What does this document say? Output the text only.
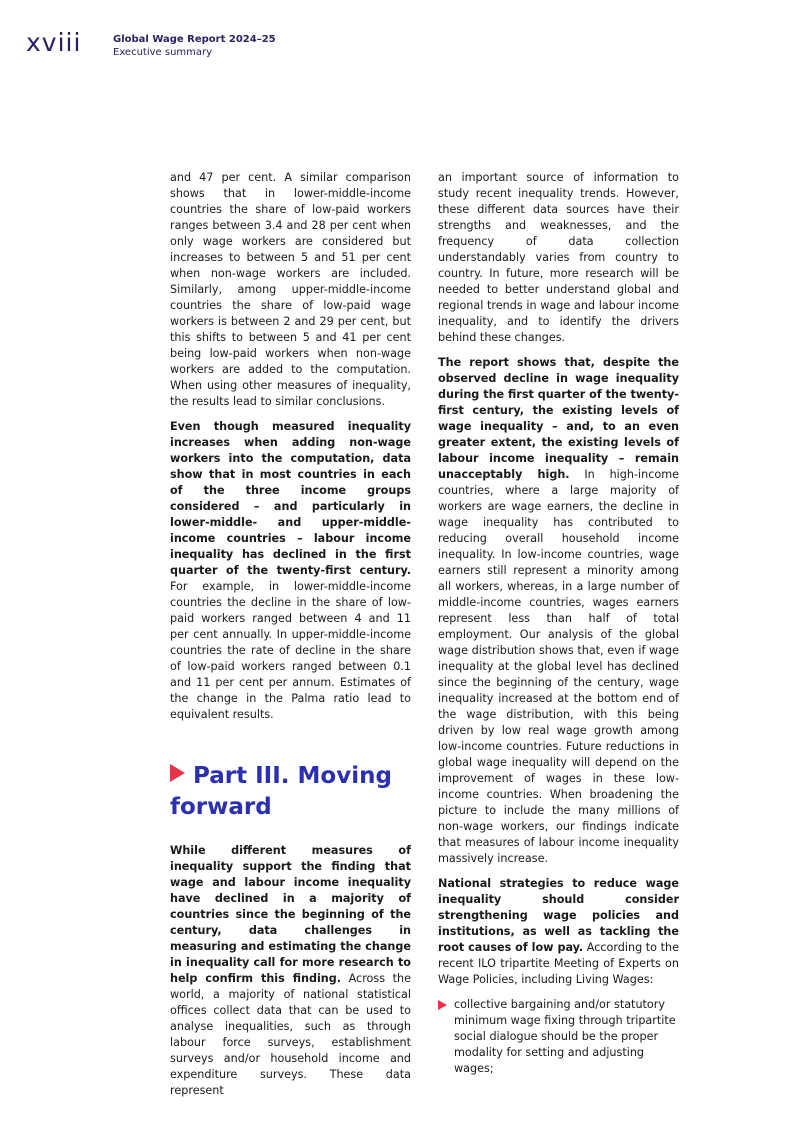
xviii	Global Wage Report 2024–25
Executive summary

and 47 per cent. A similar comparison shows that in lower-middle-income countries the share of low-paid workers ranges between 3.4 and 28 per cent when only wage workers are considered but increases to between 5 and 51 per cent when non-wage workers are included. Similarly, among upper-middle-income countries the share of low-paid wage workers is between 2 and 29 per cent, but this shifts to between 5 and 41 per cent being low-paid workers when non-wage workers are added to the computation. When using other measures of inequality, the results lead to similar conclusions.

Even though measured inequality increases when adding non-wage workers into the computation, data show that in most countries in each of the three income groups considered – and particularly in lower-middle- and upper-middle-income countries – labour income inequality has declined in the first quarter of the twenty-first century. For example, in lower-middle-income countries the decline in the share of low-paid workers ranged between 4 and 11 per cent annually. In upper-middle-income countries the rate of decline in the share of low-paid workers ranged between 0.1 and 11 per cent per annum. Estimates of the change in the Palma ratio lead to equivalent results.

Part III. Moving forward

While different measures of inequality support the finding that wage and labour income inequality have declined in a majority of countries since the beginning of the century, data challenges in measuring and estimating the change in inequality call for more research to help confirm this finding. Across the world, a majority of national statistical offices collect data that can be used to analyse inequalities, such as through labour force surveys, establishment surveys and/or household income and expenditure surveys. These data represent

an important source of information to study recent inequality trends. However, these different data sources have their strengths and weaknesses, and the frequency of data collection understandably varies from country to country. In future, more research will be needed to better understand global and regional trends in wage and labour income inequality, and to identify the drivers behind these changes.

The report shows that, despite the observed decline in wage inequality during the first quarter of the twenty-first century, the existing levels of wage inequality – and, to an even greater extent, the existing levels of labour income inequality – remain unacceptably high. In high-income countries, where a large majority of workers are wage earners, the decline in wage inequality has contributed to reducing overall household income inequality. In low-income countries, wage earners still represent a minority among all workers, whereas, in a large number of middle-income countries, wages earners represent less than half of total employment. Our analysis of the global wage distribution shows that, even if wage inequality at the global level has declined since the beginning of the century, wage inequality increased at the bottom end of the wage distribution, with this being driven by low real wage growth among low-income countries. Future reductions in global wage inequality will depend on the improvement of wages in these low-income countries. When broadening the picture to include the many millions of non-wage workers, our findings indicate that measures of labour income inequality massively increase.

National strategies to reduce wage inequality should consider strengthening wage policies and institutions, as well as tackling the root causes of low pay. According to the recent ILO tripartite Meeting of Experts on Wage Policies, including Living Wages:

collective bargaining and/or statutory minimum wage fixing through tripartite social dialogue should be the proper modality for setting and adjusting wages;
